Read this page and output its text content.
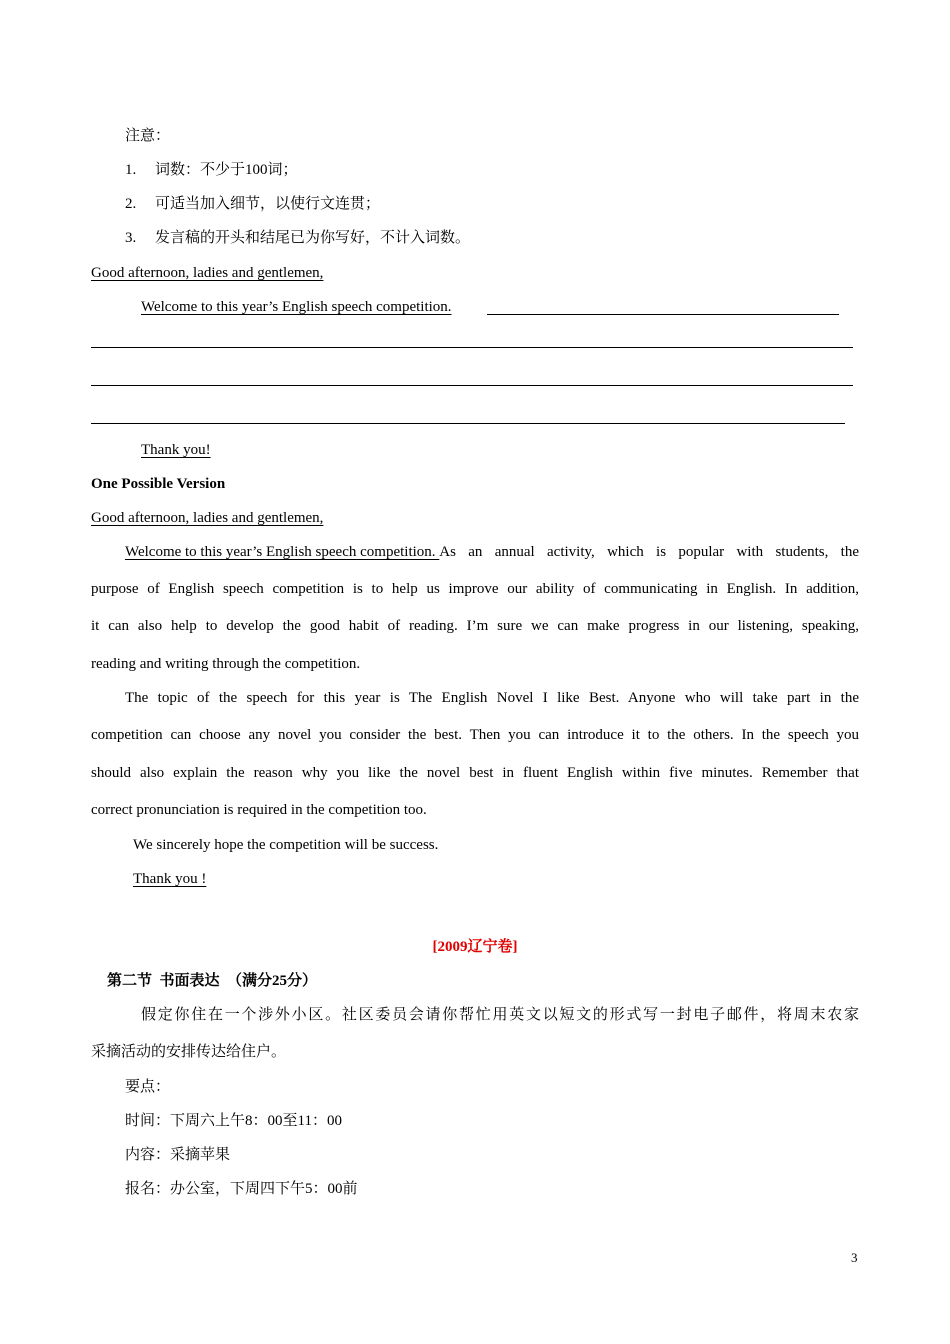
注意：
1. 词数：不少于100词；
2. 可适当加入细节，以使行文连贯；
3. 发言稿的开头和结尾已为你写好，不计入词数。
Good afternoon, ladies and gentlemen,
Welcome to this year’s English speech competition.
Thank you!
One Possible Version
Good afternoon, ladies and gentlemen,
Welcome to this year’s English speech competition. As an annual activity, which is popular with students, the
purpose of English speech competition is to help us improve our ability of communicating in English. In addition,
it can also help to develop the good habit of reading. I’m sure we can make progress in our listening, speaking,
reading and writing through the competition.
The topic of the speech for this year is The English Novel I like Best. Anyone who will take part in the
competition can choose any novel you consider the best. Then you can introduce it to the others. In the speech you
should also explain the reason why you like the novel best in fluent English within five minutes. Remember that
correct pronunciation is required in the competition too.
We sincerely hope the competition will be success.
Thank you !
[2009辽宁卷]
第二节  书面表达  （满分25分）
假定你住在一个涉外小区。社区委员会请你帮忙用英文以短文的形式写一封电子邮件，将周末农家
采摘活动的安排传达给住户。
要点：
时间：下周六上午8：00至11：00
内容：采摘苹果
报名：办公室，下周四下午5：00前
3
